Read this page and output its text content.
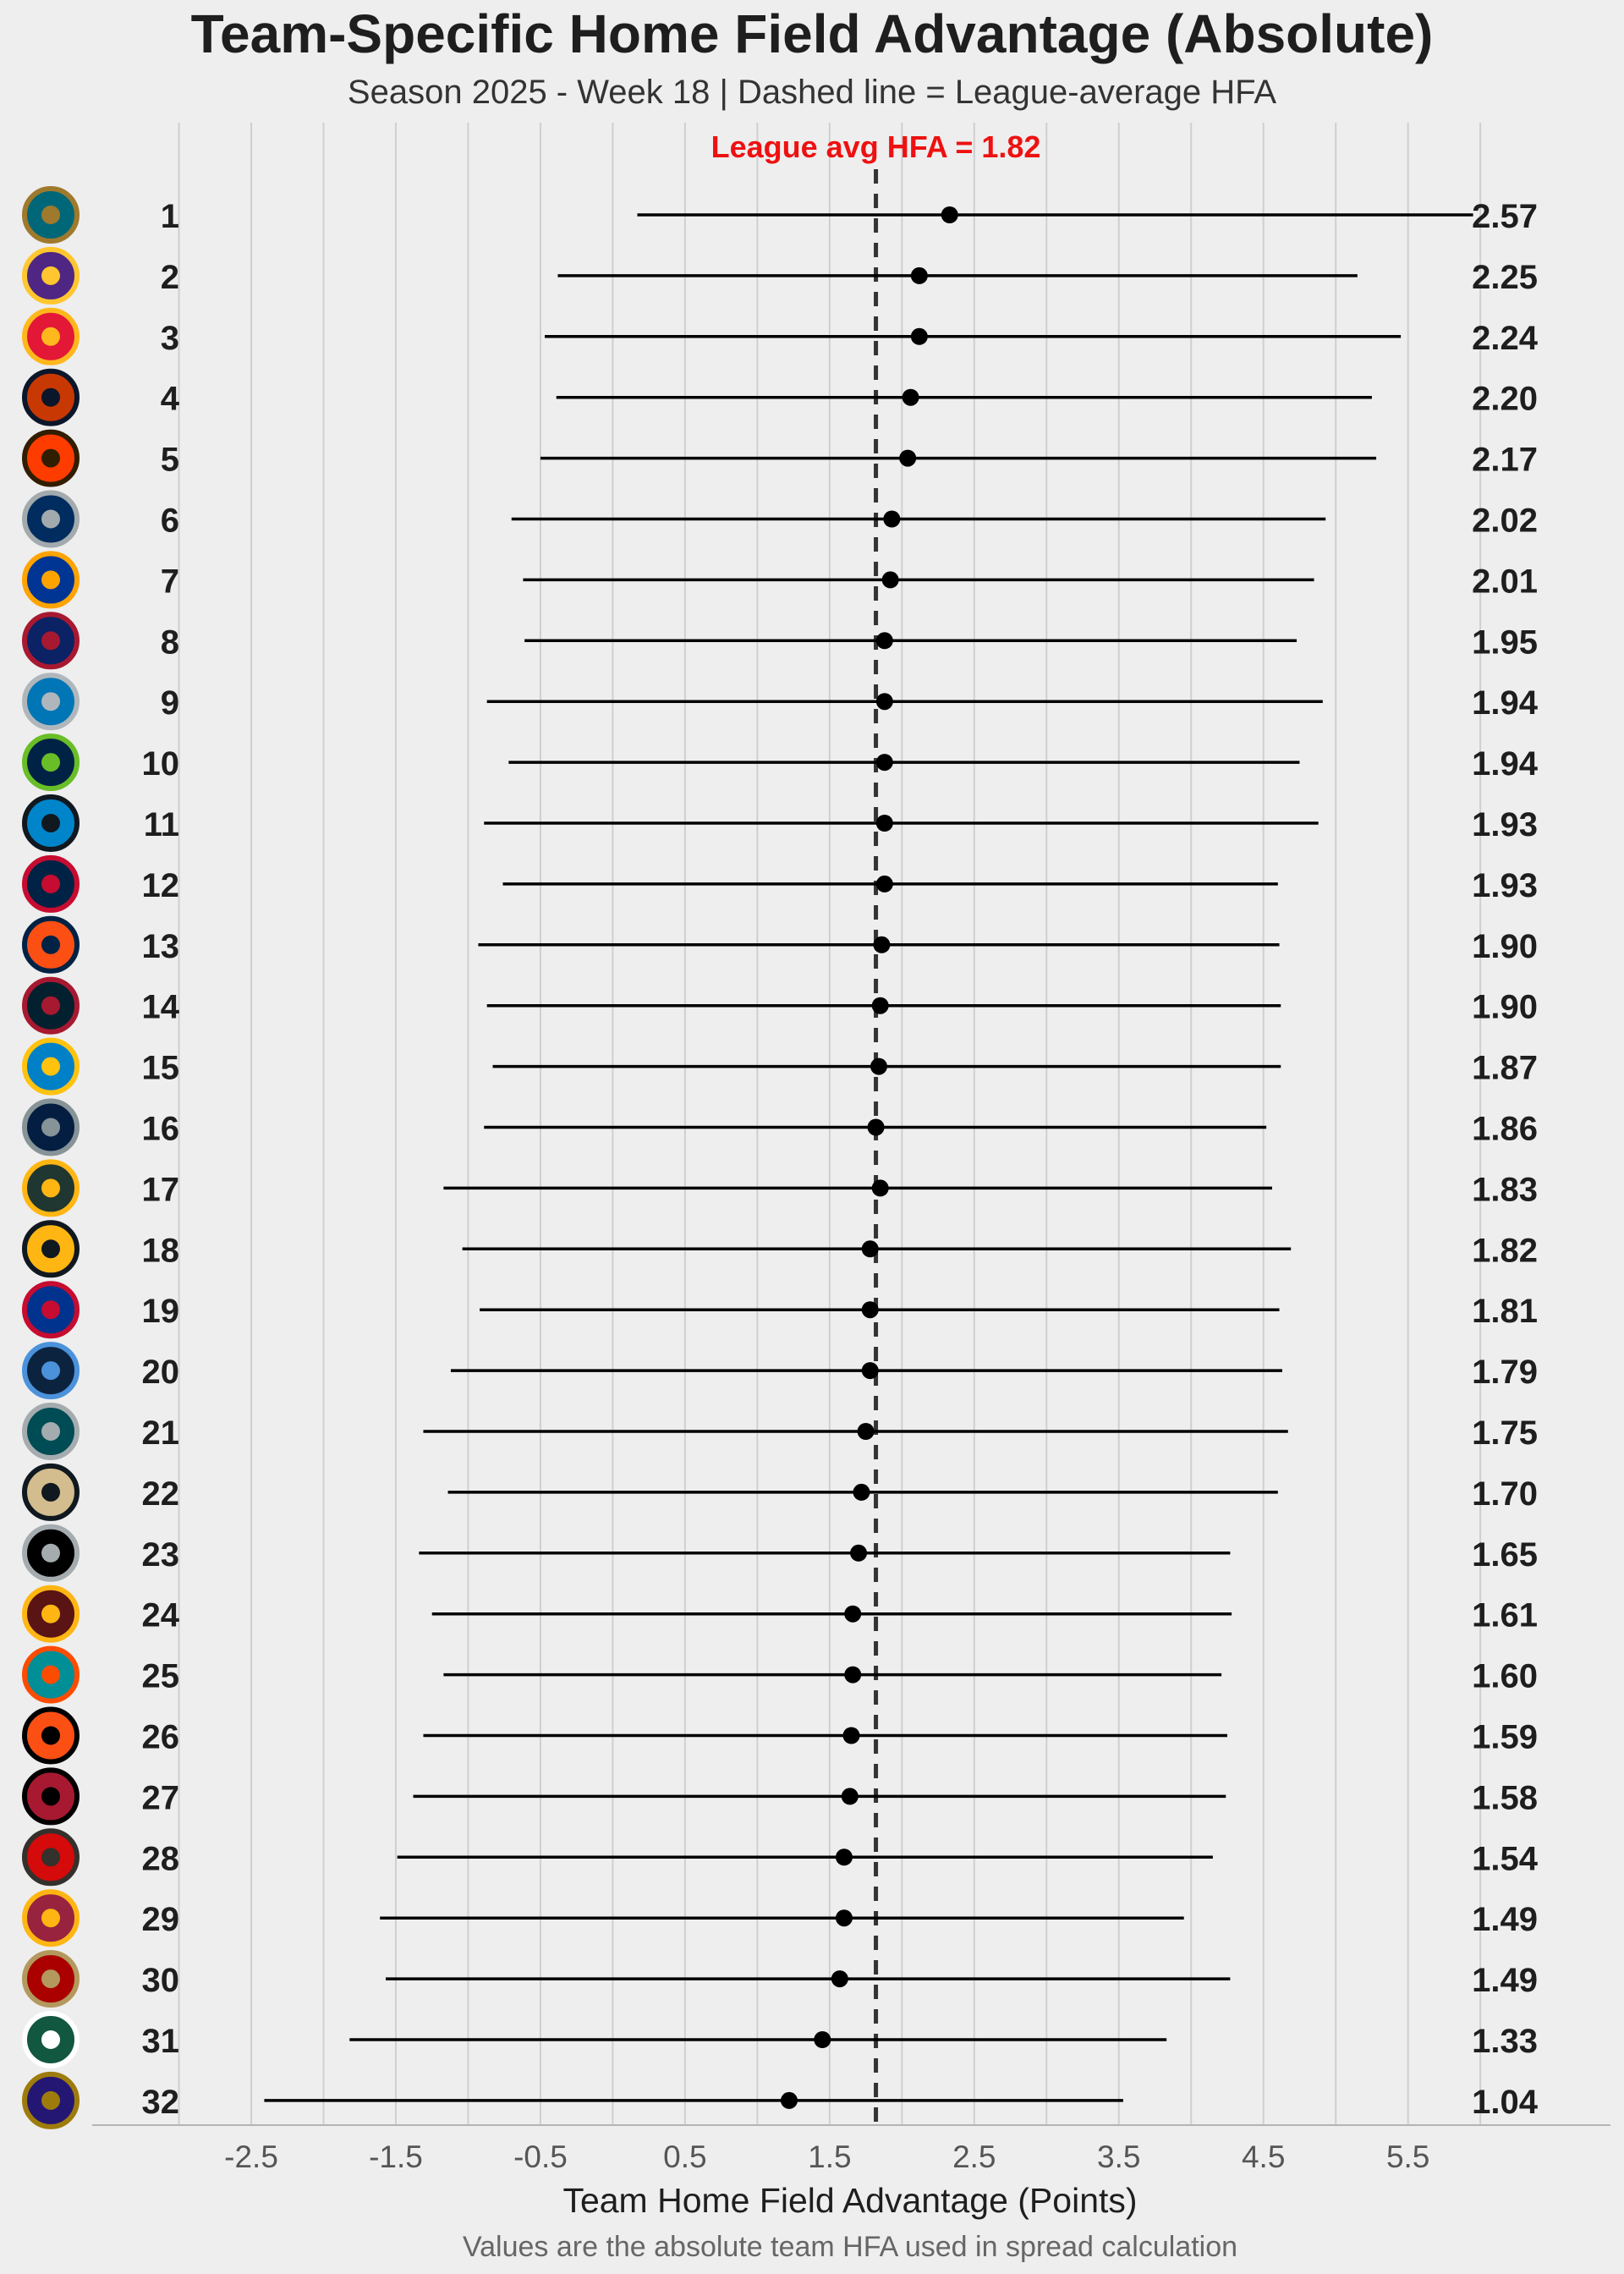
Team-Specific Home Field Advantage (Absolute)
Season 2025 - Week 18 | Dashed line = League-average HFA
League avg HFA = 1.82
1	2.57
2	2.25
3	2.24
4	2.20
5	2.17
6	2.02
7	2.01
8	1.95
9	1.94
10	1.94
11	1.93
12	1.93
13	1.90
14	1.90
15	1.87
16	1.86
17	1.83
18	1.82
19	1.81
20	1.79
21	1.75
22	1.70
23	1.65
24	1.61
25	1.60
26	1.59
27	1.58
28	1.54
29	1.49
30	1.49
31	1.33
32	1.04
-2.5	-1.5	-0.5	0.5	1.5	2.5	3.5	4.5	5.5
Team Home Field Advantage (Points)
Values are the absolute team HFA used in spread calculation
